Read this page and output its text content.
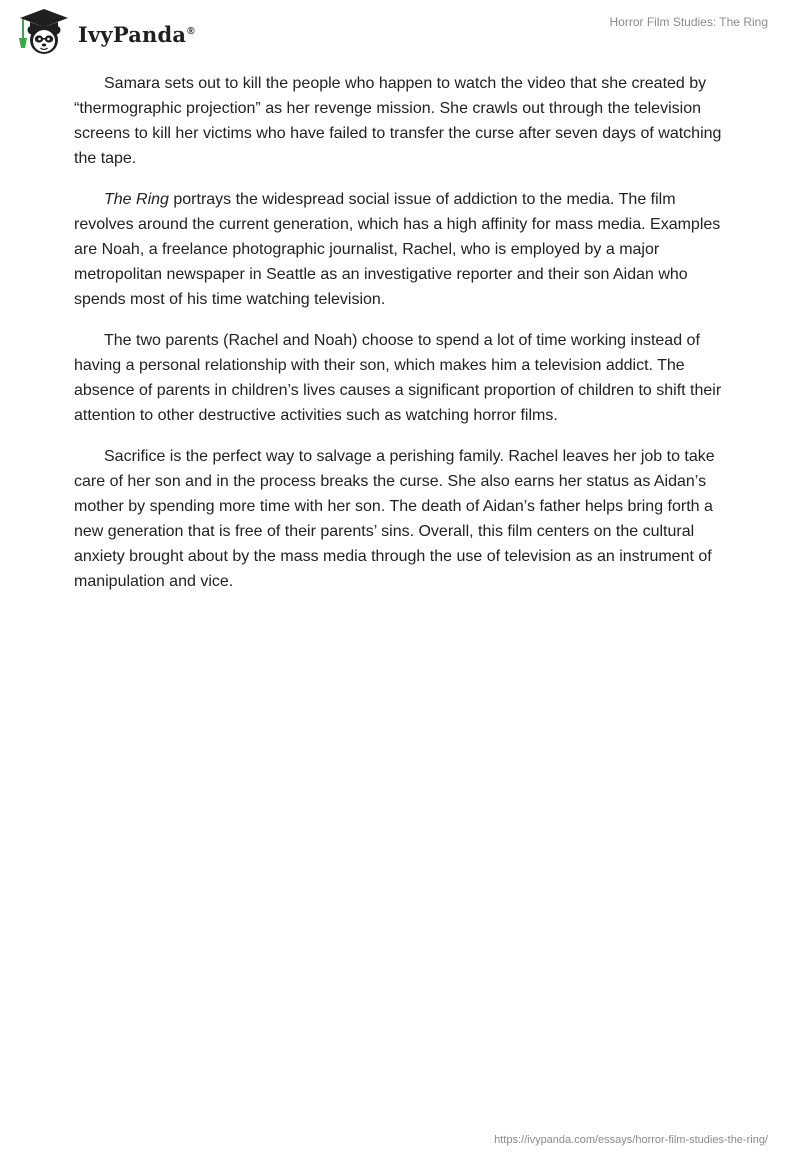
IvyPanda®
Horror Film Studies: The Ring

Samara sets out to kill the people who happen to watch the video that she created by “thermographic projection” as her revenge mission. She crawls out through the television screens to kill her victims who have failed to transfer the curse after seven days of watching the tape.

The Ring portrays the widespread social issue of addiction to the media. The film revolves around the current generation, which has a high affinity for mass media. Examples are Noah, a freelance photographic journalist, Rachel, who is employed by a major metropolitan newspaper in Seattle as an investigative reporter and their son Aidan who spends most of his time watching television.

The two parents (Rachel and Noah) choose to spend a lot of time working instead of having a personal relationship with their son, which makes him a television addict. The absence of parents in children’s lives causes a significant proportion of children to shift their attention to other destructive activities such as watching horror films.

Sacrifice is the perfect way to salvage a perishing family. Rachel leaves her job to take care of her son and in the process breaks the curse. She also earns her status as Aidan’s mother by spending more time with her son. The death of Aidan’s father helps bring forth a new generation that is free of their parents’ sins. Overall, this film centers on the cultural anxiety brought about by the mass media through the use of television as an instrument of manipulation and vice.

https://ivypanda.com/essays/horror-film-studies-the-ring/
